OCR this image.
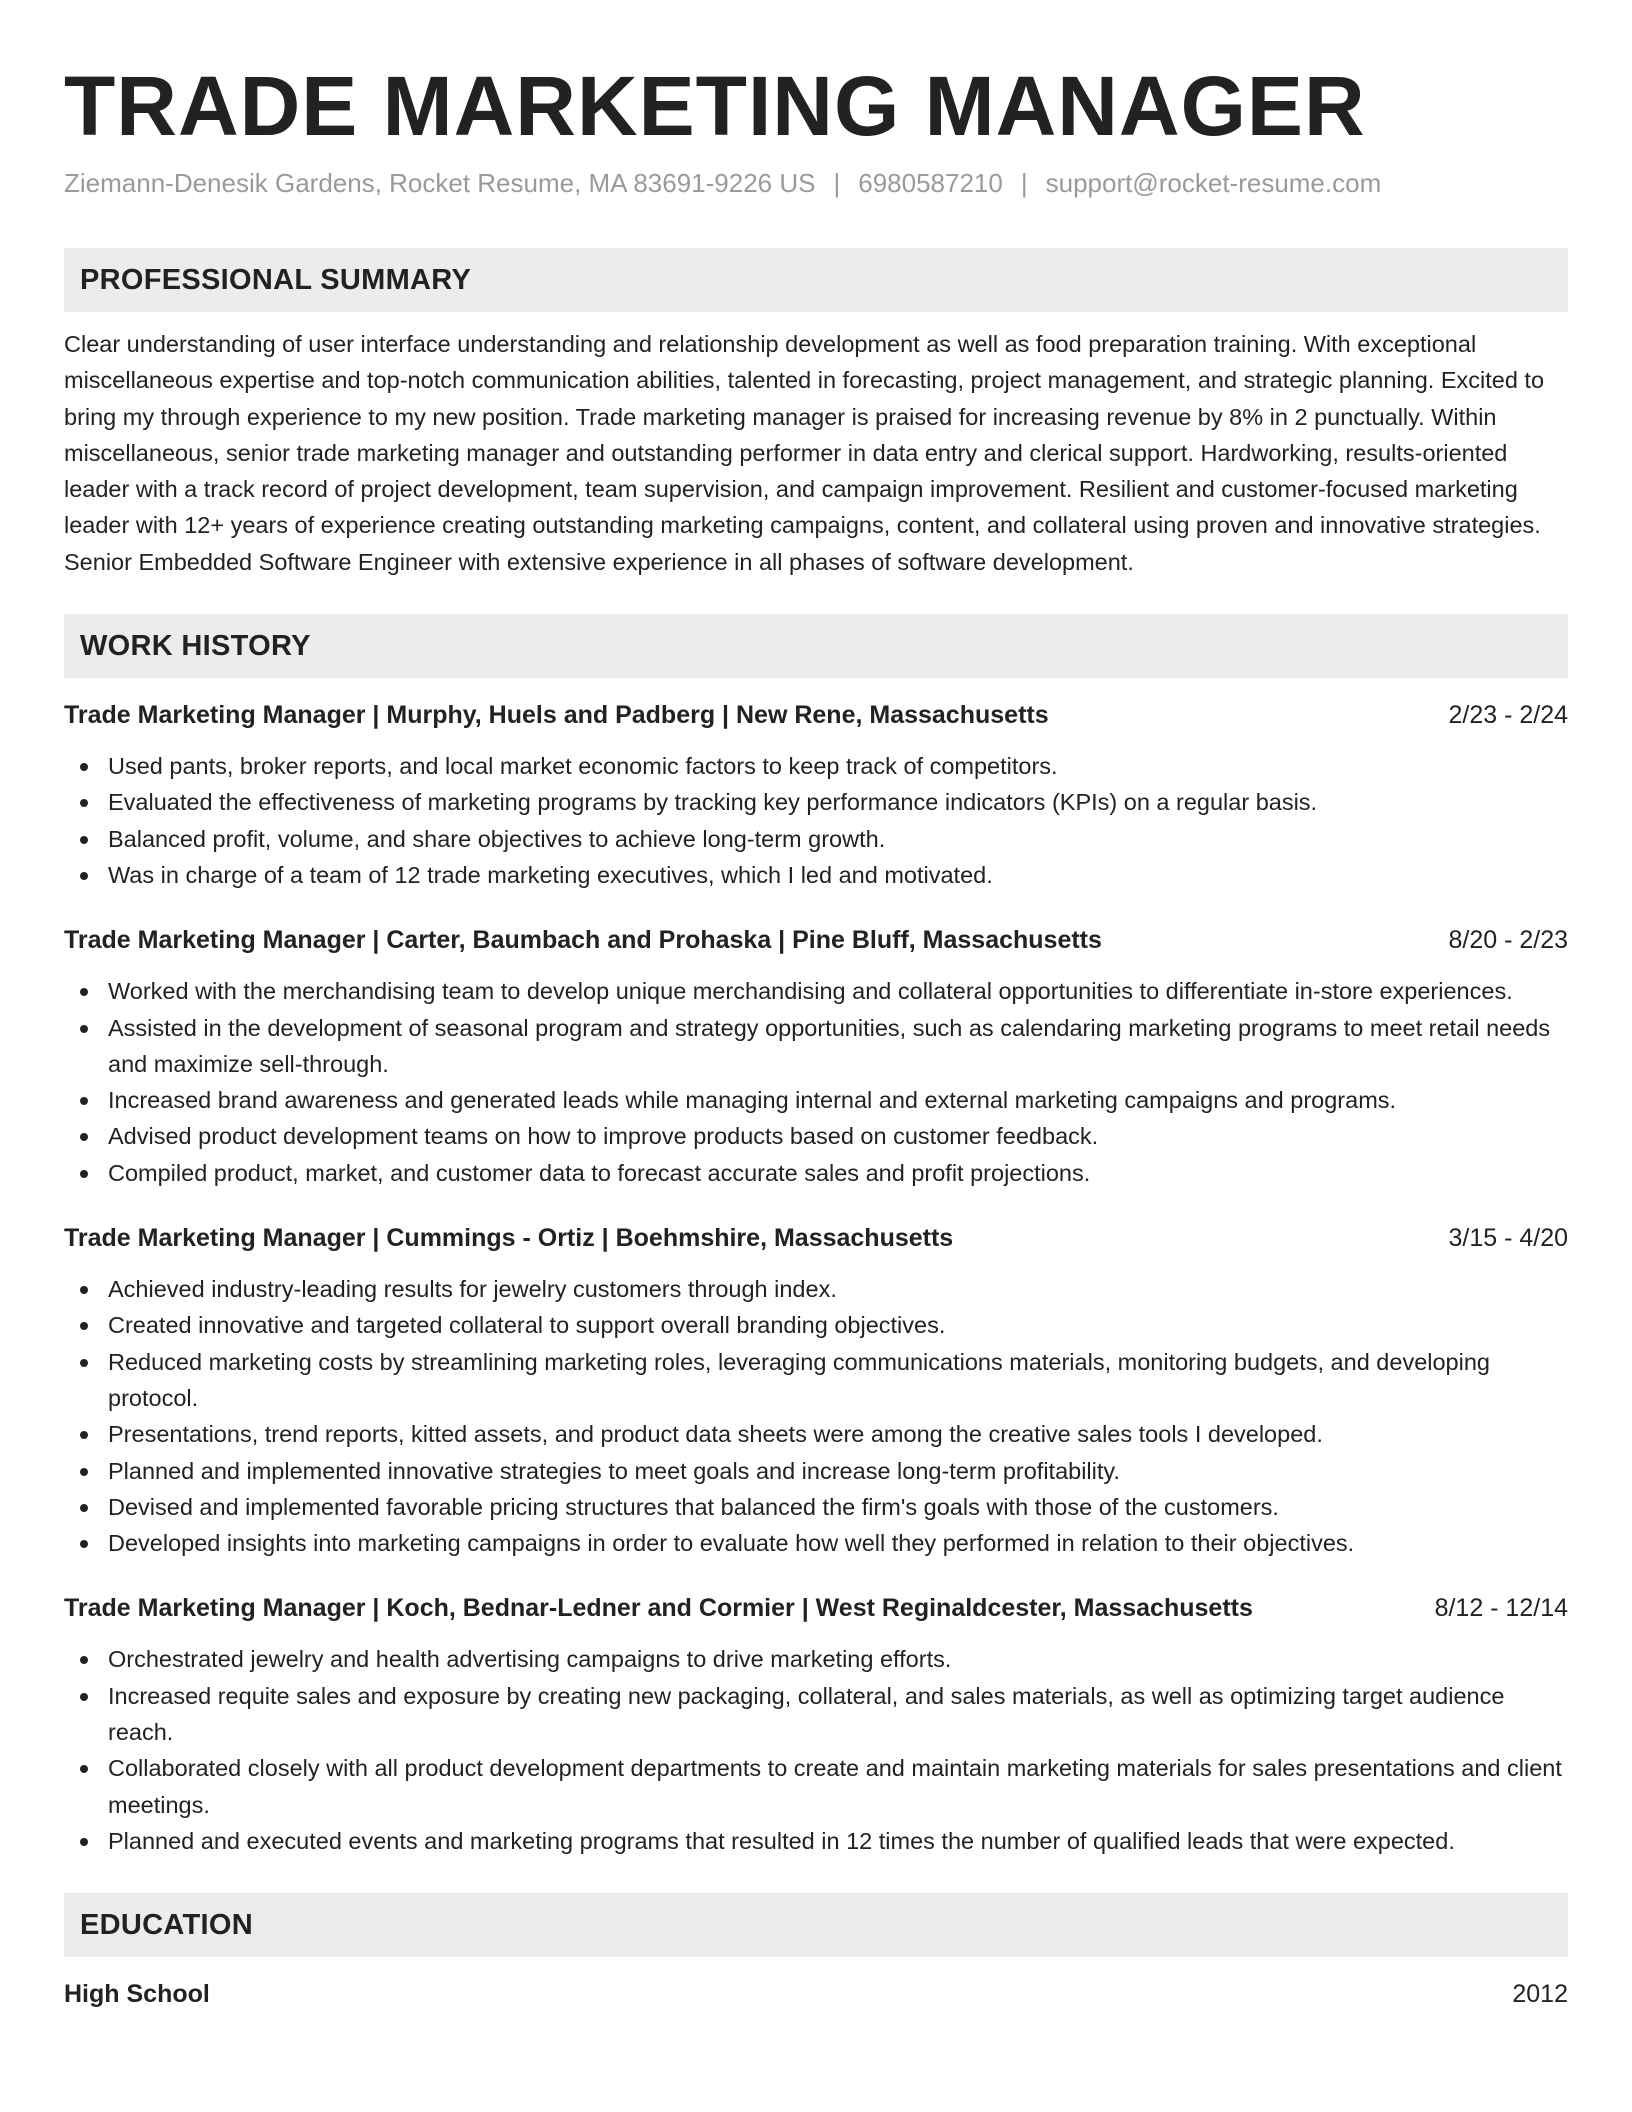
TRADE MARKETING MANAGER
Ziemann-Denesik Gardens, Rocket Resume, MA 83691-9226 US | 6980587210 | support@rocket-resume.com
PROFESSIONAL SUMMARY
Clear understanding of user interface understanding and relationship development as well as food preparation training. With exceptional miscellaneous expertise and top-notch communication abilities, talented in forecasting, project management, and strategic planning. Excited to bring my through experience to my new position. Trade marketing manager is praised for increasing revenue by 8% in 2 punctually. Within miscellaneous, senior trade marketing manager and outstanding performer in data entry and clerical support. Hardworking, results-oriented leader with a track record of project development, team supervision, and campaign improvement. Resilient and customer-focused marketing leader with 12+ years of experience creating outstanding marketing campaigns, content, and collateral using proven and innovative strategies. Senior Embedded Software Engineer with extensive experience in all phases of software development.
WORK HISTORY
Trade Marketing Manager | Murphy, Huels and Padberg | New Rene, Massachusetts	2/23 - 2/24
Used pants, broker reports, and local market economic factors to keep track of competitors.
Evaluated the effectiveness of marketing programs by tracking key performance indicators (KPIs) on a regular basis.
Balanced profit, volume, and share objectives to achieve long-term growth.
Was in charge of a team of 12 trade marketing executives, which I led and motivated.
Trade Marketing Manager | Carter, Baumbach and Prohaska | Pine Bluff, Massachusetts	8/20 - 2/23
Worked with the merchandising team to develop unique merchandising and collateral opportunities to differentiate in-store experiences.
Assisted in the development of seasonal program and strategy opportunities, such as calendaring marketing programs to meet retail needs and maximize sell-through.
Increased brand awareness and generated leads while managing internal and external marketing campaigns and programs.
Advised product development teams on how to improve products based on customer feedback.
Compiled product, market, and customer data to forecast accurate sales and profit projections.
Trade Marketing Manager | Cummings - Ortiz | Boehmshire, Massachusetts	3/15 - 4/20
Achieved industry-leading results for jewelry customers through index.
Created innovative and targeted collateral to support overall branding objectives.
Reduced marketing costs by streamlining marketing roles, leveraging communications materials, monitoring budgets, and developing protocol.
Presentations, trend reports, kitted assets, and product data sheets were among the creative sales tools I developed.
Planned and implemented innovative strategies to meet goals and increase long-term profitability.
Devised and implemented favorable pricing structures that balanced the firm's goals with those of the customers.
Developed insights into marketing campaigns in order to evaluate how well they performed in relation to their objectives.
Trade Marketing Manager | Koch, Bednar-Ledner and Cormier | West Reginaldcester, Massachusetts	8/12 - 12/14
Orchestrated jewelry and health advertising campaigns to drive marketing efforts.
Increased requite sales and exposure by creating new packaging, collateral, and sales materials, as well as optimizing target audience reach.
Collaborated closely with all product development departments to create and maintain marketing materials for sales presentations and client meetings.
Planned and executed events and marketing programs that resulted in 12 times the number of qualified leads that were expected.
EDUCATION
High School	2012
